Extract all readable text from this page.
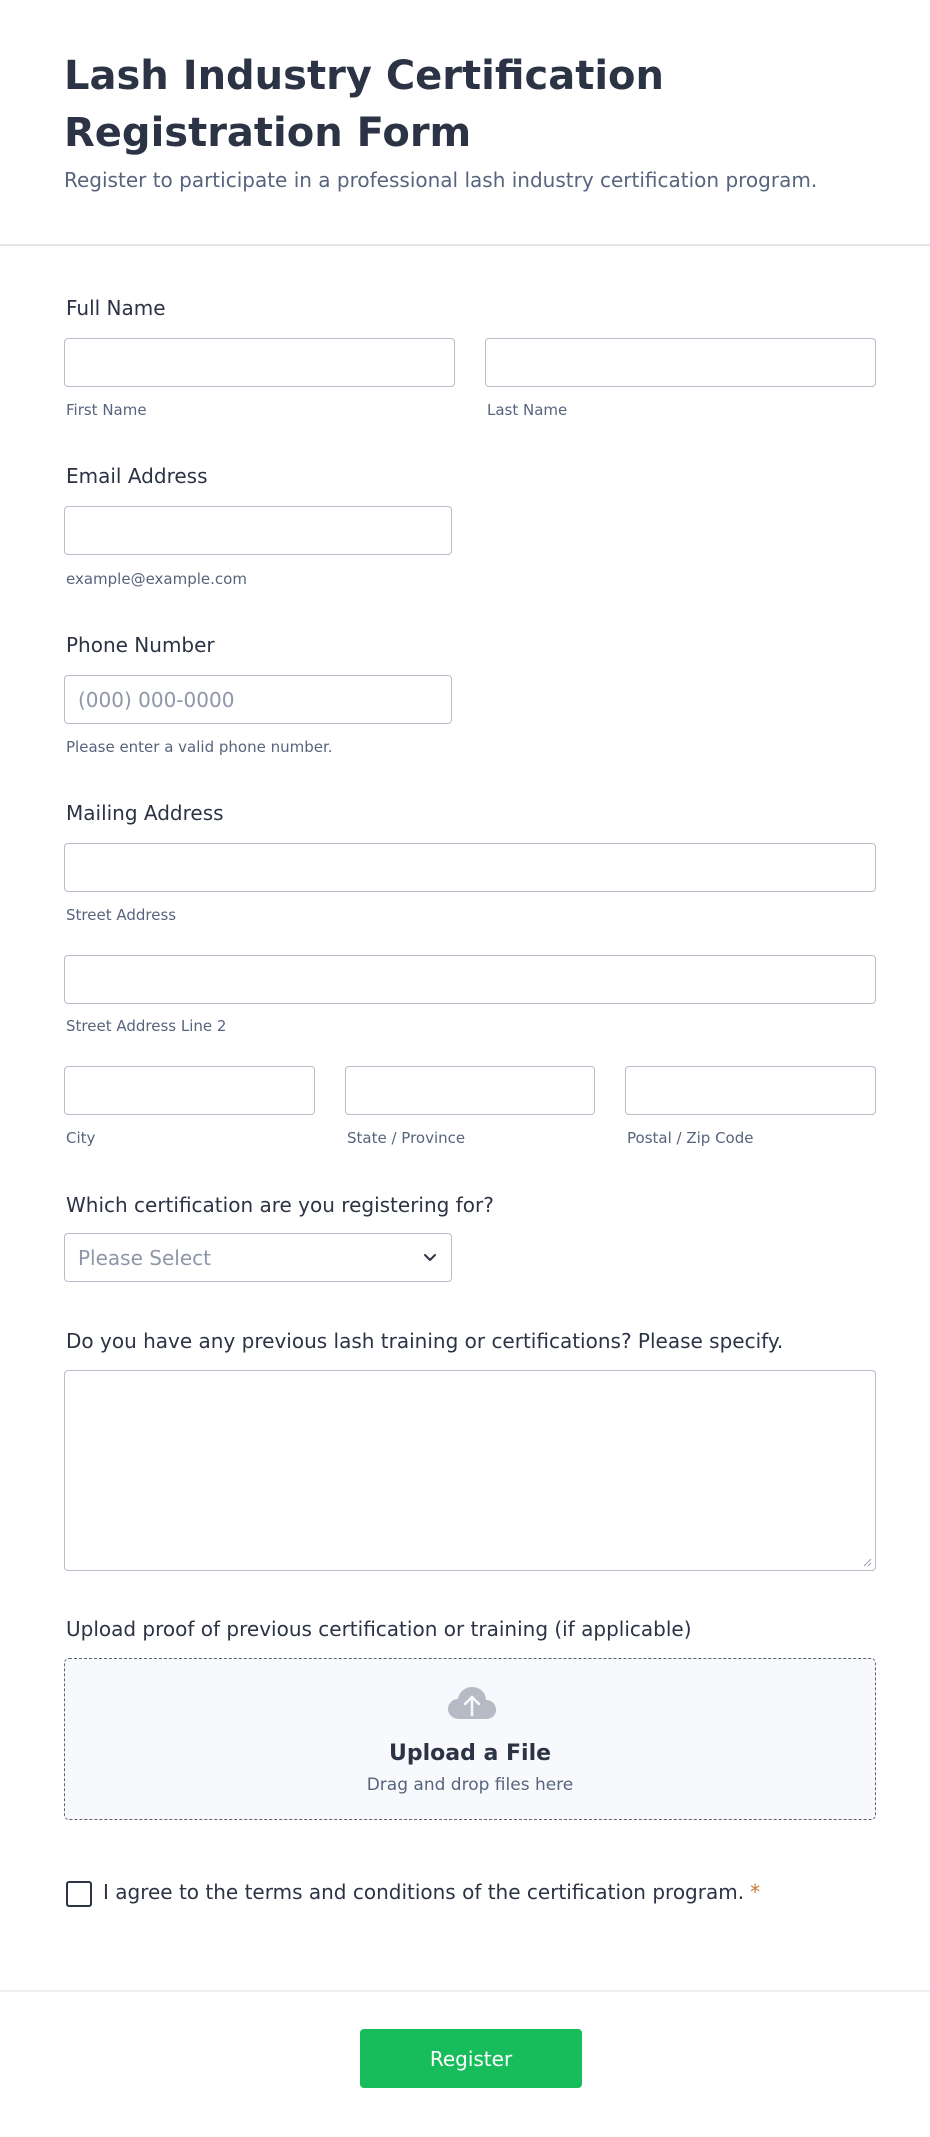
Lash Industry Certification Registration Form

Register to participate in a professional lash industry certification program.

Full Name
First Name	Last Name
Email Address
example@example.com
Phone Number
(000) 000-0000
Please enter a valid phone number.
Mailing Address
Street Address
Street Address Line 2
City	State / Province	Postal / Zip Code
Which certification are you registering for?
Please Select
Do you have any previous lash training or certifications? Please specify.
Upload proof of previous certification or training (if applicable)
Upload a File
Drag and drop files here
I agree to the terms and conditions of the certification program. *
Register
